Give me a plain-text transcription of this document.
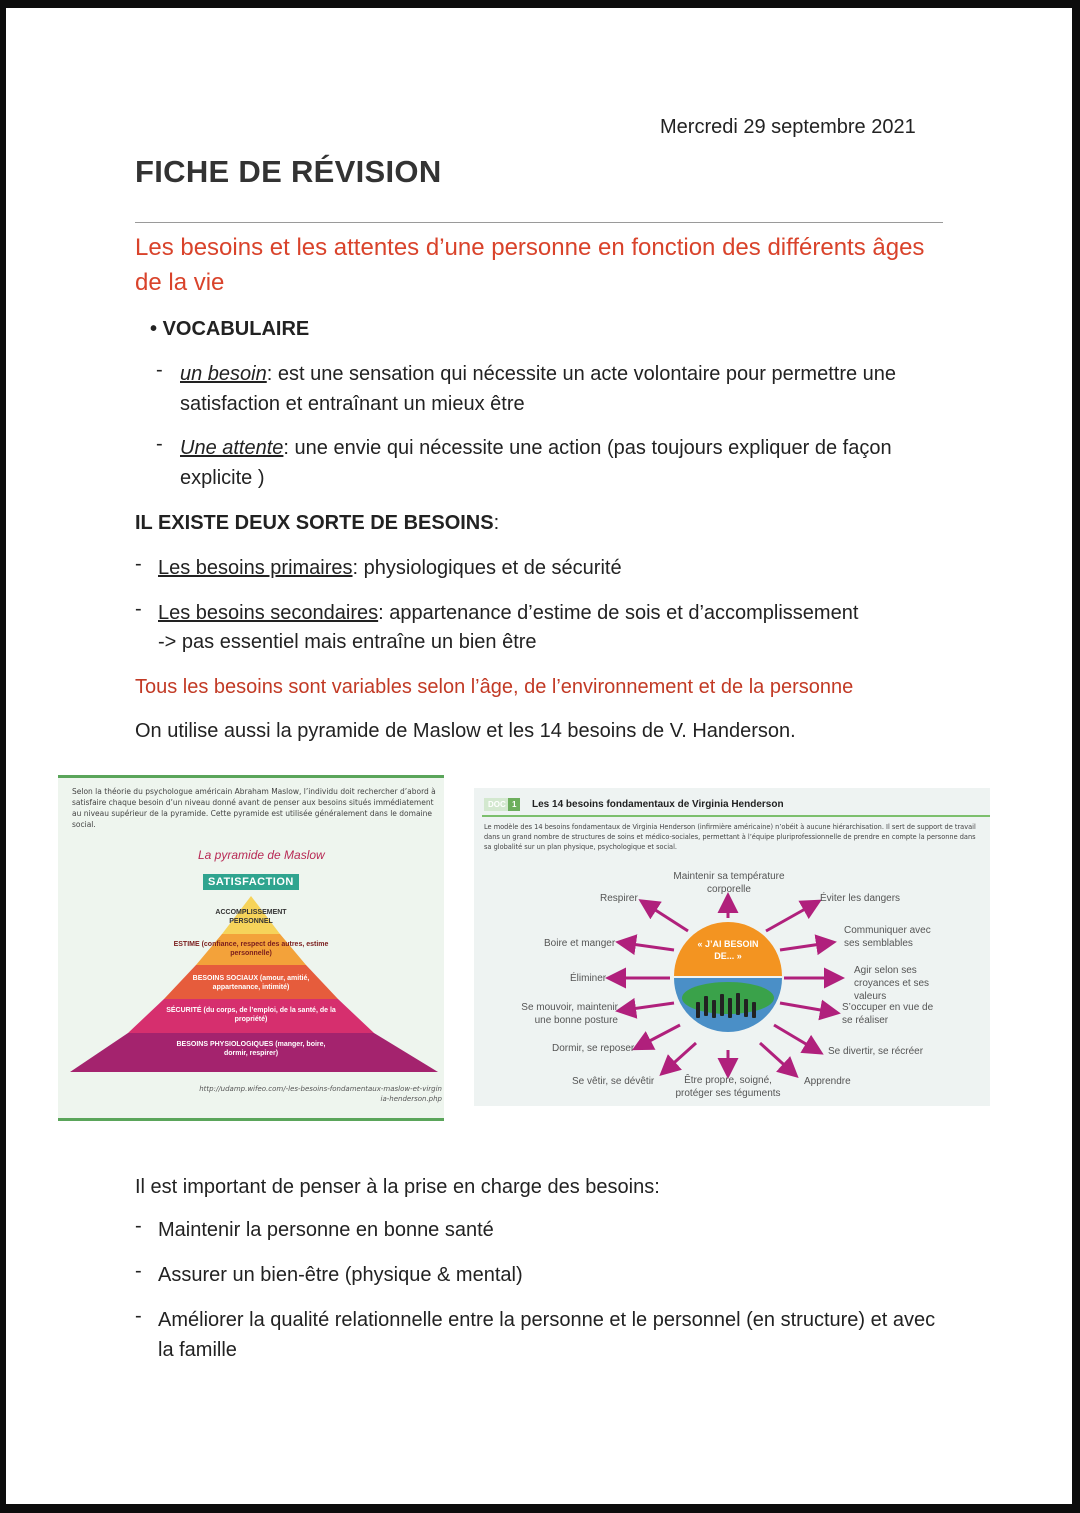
Mercredi 29 septembre 2021
FICHE DE RÉVISION
Les besoins et les attentes d’une personne en fonction des différents âges de la vie
• VOCABULAIRE
- un besoin: est une sensation qui nécessite un acte volontaire pour permettre une satisfaction et entraînant un mieux être
- Une attente: une envie qui nécessite une action (pas toujours expliquer de façon explicite )
IL EXISTE DEUX SORTE DE BESOINS:
- Les besoins primaires: physiologiques et de sécurité
- Les besoins secondaires: appartenance d’estime de sois et d’accomplissement
-> pas essentiel mais entraîne un bien être
Tous les besoins sont variables selon l’âge, de l’environnement et de la personne
On utilise aussi la pyramide de Maslow et les 14 besoins de V. Handerson.
Selon la théorie du psychologue américain Abraham Maslow, l’individu doit rechercher d’abord à satisfaire chaque besoin d’un niveau donné avant de penser aux besoins situés immédiatement au niveau supérieur de la pyramide. Cette pyramide est utilisée généralement dans le domaine social.
La pyramide de Maslow
SATISFACTION
ACCOMPLISSEMENT PERSONNEL
ESTIME (confiance, respect des autres, estime personnelle)
BESOINS SOCIAUX (amour, amitié, appartenance, intimité)
SÉCURITÉ (du corps, de l’emploi, de la santé, de la propriété)
BESOINS PHYSIOLOGIQUES (manger, boire, dormir, respirer)
http://udamp.wifeo.com/-les-besoins-fondamentaux-maslow-et-virginia-henderson.php
DOC 1	Les 14 besoins fondamentaux de Virginia Henderson
Le modèle des 14 besoins fondamentaux de Virginia Henderson (infirmière américaine) n’obéit à aucune hiérarchisation. Il sert de support de travail dans un grand nombre de structures de soins et médico-sociales, permettant à l’équipe pluriprofessionnelle de prendre en compte la personne dans sa globalité sur un plan physique, psychologique et social.
« J’AI BESOIN DE... »
Maintenir sa température corporelle
Respirer	Éviter les dangers
Boire et manger
Communiquer avec ses semblables
Éliminer
Agir selon ses croyances et ses valeurs
Se mouvoir, maintenir une bonne posture
S’occuper en vue de se réaliser
Dormir, se reposer	Se divertir, se récréer
Se vêtir, se dévêtir	Être propre, soigné, protéger ses téguments
Apprendre
Il est important de penser à la prise en charge des besoins:
- Maintenir la personne en bonne santé
- Assurer un bien-être (physique & mental)
- Améliorer la qualité relationnelle entre la personne et le personnel (en structure) et avec la famille
